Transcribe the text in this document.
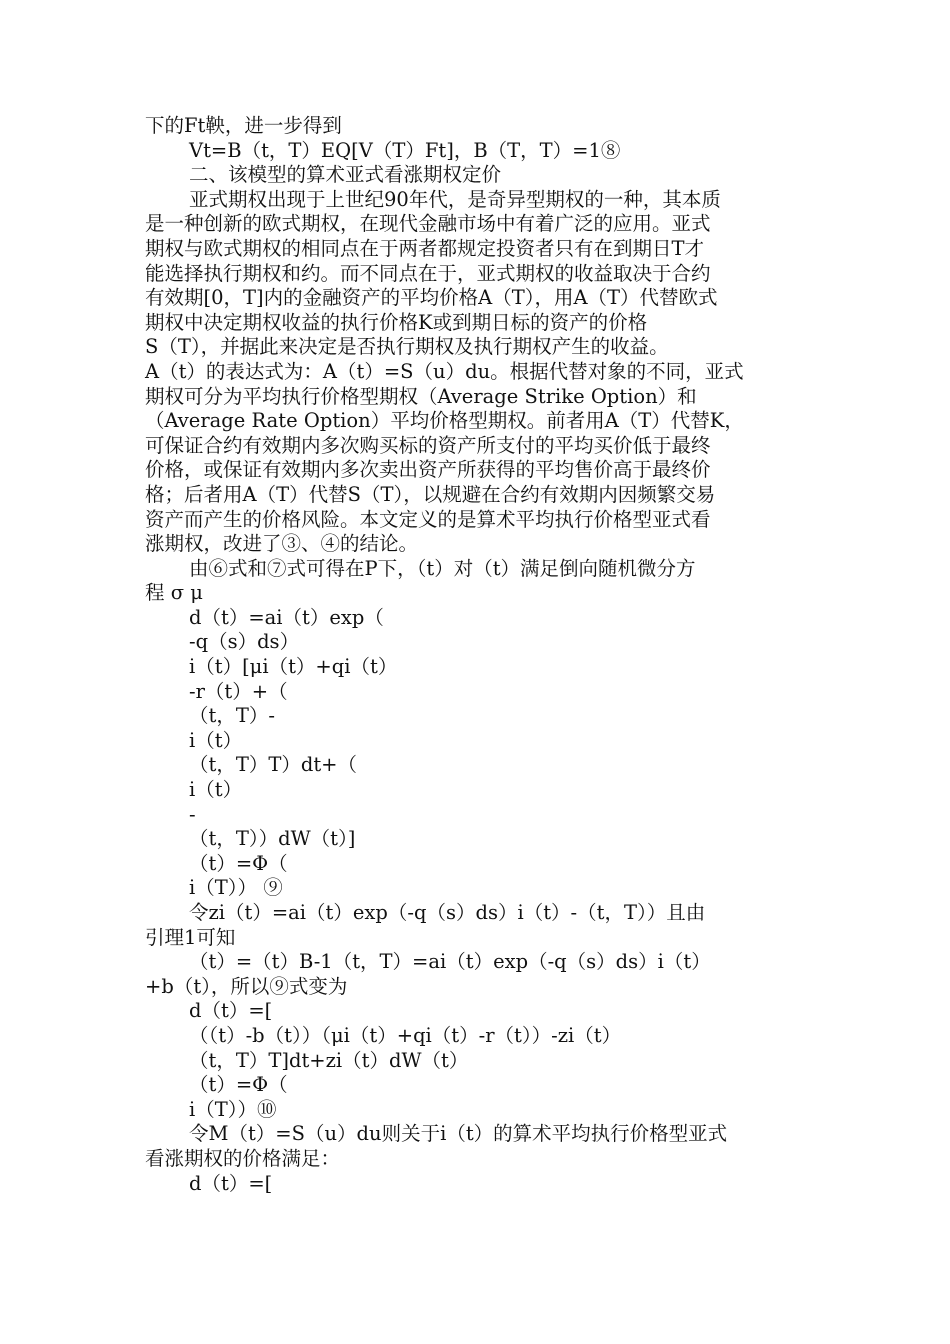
下的Ft鞅，进一步得到
Vt=B（t，T）EQ[V（T）Ft]，B（T，T）=1⑧
二、该模型的算术亚式看涨期权定价
亚式期权出现于上世纪90年代，是奇异型期权的一种，其本质
是一种创新的欧式期权，在现代金融市场中有着广泛的应用。亚式
期权与欧式期权的相同点在于两者都规定投资者只有在到期日T才
能选择执行期权和约。而不同点在于，亚式期权的收益取决于合约
有效期[0，T]内的金融资产的平均价格A（T），用A（T）代替欧式
期权中决定期权收益的执行价格K或到期日标的资产的价格
S（T），并据此来决定是否执行期权及执行期权产生的收益。
A（t）的表达式为：A（t）=S（u）du。根据代替对象的不同，亚式
期权可分为平均执行价格型期权（Average Strike Option）和
（Average Rate Option）平均价格型期权。前者用A（T）代替K，
可保证合约有效期内多次购买标的资产所支付的平均买价低于最终
价格，或保证有效期内多次卖出资产所获得的平均售价高于最终价
格；后者用A（T）代替S（T），以规避在合约有效期内因频繁交易
资产而产生的价格风险。本文定义的是算术平均执行价格型亚式看
涨期权，改进了③、④的结论。
由⑥式和⑦式可得在P下，（t）对（t）满足倒向随机微分方
程 σ μ
d（t）=ai（t）exp（
-q（s）ds）
i（t）[μi（t）+qi（t）
-r（t）+（
（t，T）-
i（t）
（t，T）T）dt+（
i（t）
-
（t，T））dW（t）]
（t）=Φ（
i（T）） ⑨
令zi（t）=ai（t）exp（-q（s）ds）i（t）-（t，T））且由
引理1可知
（t）=（t）B-1（t，T）=ai（t）exp（-q（s）ds）i（t）
+b（t），所以⑨式变为
d（t）=[
（（t）-b（t））（μi（t）+qi（t）-r（t））-zi（t）
（t，T）T]dt+zi（t）dW（t）
（t）=Φ（
i（T））⑩
令M（t）=S（u）du则关于i（t）的算术平均执行价格型亚式
看涨期权的价格满足：
d（t）=[
